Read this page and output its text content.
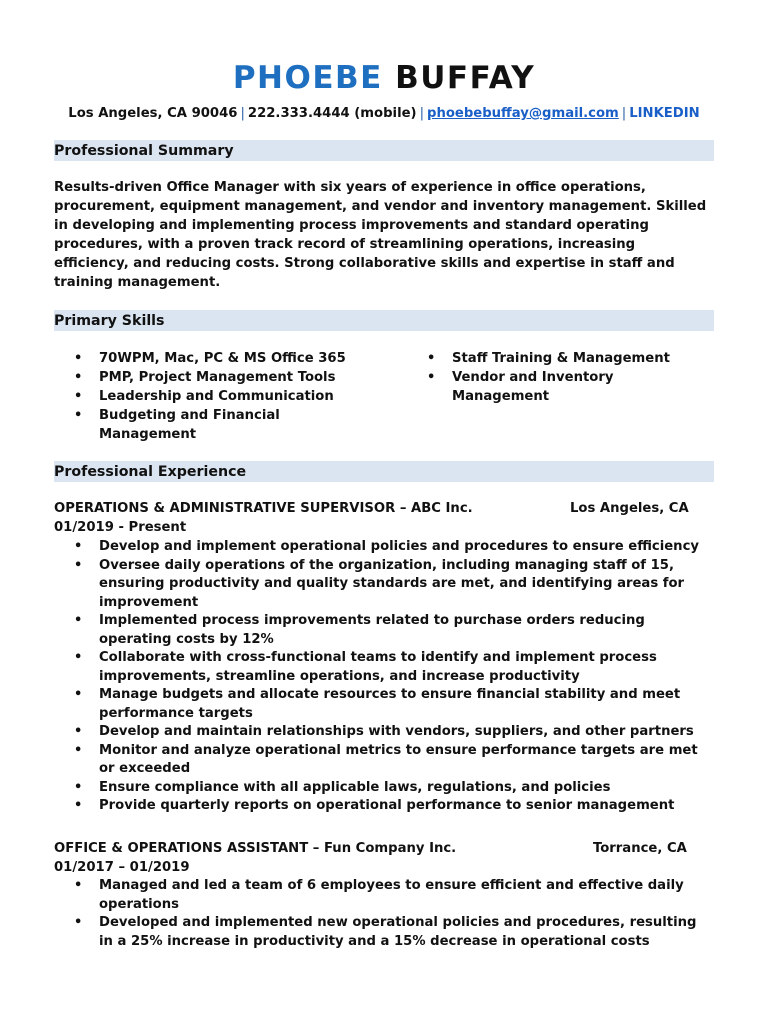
PHOEBE BUFFAY
Los Angeles, CA 90046 | 222.333.4444 (mobile) | phoebebuffay@gmail.com | LINKEDIN
Professional Summary
Results-driven Office Manager with six years of experience in office operations, procurement, equipment management, and vendor and inventory management. Skilled in developing and implementing process improvements and standard operating procedures, with a proven track record of streamlining operations, increasing efficiency, and reducing costs. Strong collaborative skills and expertise in staff and training management.
Primary Skills
• 70WPM, Mac, PC & MS Office 365
• PMP, Project Management Tools
• Leadership and Communication
• Budgeting and Financial Management
• Staff Training & Management
• Vendor and Inventory Management
Professional Experience
OPERATIONS & ADMINISTRATIVE SUPERVISOR – ABC Inc.	Los Angeles, CA
01/2019 - Present
• Develop and implement operational policies and procedures to ensure efficiency
• Oversee daily operations of the organization, including managing staff of 15, ensuring productivity and quality standards are met, and identifying areas for improvement
• Implemented process improvements related to purchase orders reducing operating costs by 12%
• Collaborate with cross-functional teams to identify and implement process improvements, streamline operations, and increase productivity
• Manage budgets and allocate resources to ensure financial stability and meet performance targets
• Develop and maintain relationships with vendors, suppliers, and other partners
• Monitor and analyze operational metrics to ensure performance targets are met or exceeded
• Ensure compliance with all applicable laws, regulations, and policies
• Provide quarterly reports on operational performance to senior management
OFFICE & OPERATIONS ASSISTANT – Fun Company Inc.	Torrance, CA
01/2017 – 01/2019
• Managed and led a team of 6 employees to ensure efficient and effective daily operations
• Developed and implemented new operational policies and procedures, resulting in a 25% increase in productivity and a 15% decrease in operational costs
